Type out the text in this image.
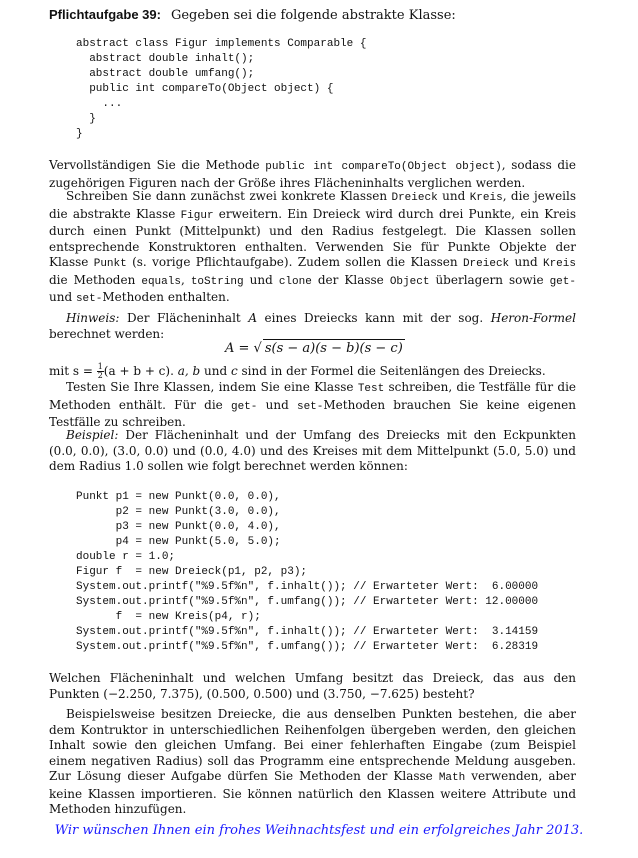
Pflichtaufgabe 39: Gegeben sei die folgende abstrakte Klasse:
abstract class Figur implements Comparable {
abstract double inhalt();
abstract double umfang();
public int compareTo(Object object) {
...
}
}

Vervollständigen Sie die Methode public int compareTo(Object object), sodass die zugehörigen Figuren nach der Größe ihres Flächeninhalts verglichen werden.

Schreiben Sie dann zunächst zwei konkrete Klassen Dreieck und Kreis, die jeweils die abstrakte Klasse Figur erweitern. Ein Dreieck wird durch drei Punkte, ein Kreis durch einen Punkt (Mittelpunkt) und den Radius festgelegt. Die Klassen sollen entsprechende Konstruktoren enthalten. Verwenden Sie für Punkte Objekte der Klasse Punkt (s. vorige Pflichtaufgabe). Zudem sollen die Klassen Dreieck und Kreis die Methoden equals, toString und clone der Klasse Object überlagern sowie get- und set-Methoden enthalten.

Hinweis: Der Flächeninhalt A eines Dreiecks kann mit der sog. Heron-Formel berechnet werden:

A = √ s(s − a)(s − b)(s − c)

mit $s = \frac{1}{2} (a + b + c)$. a, b und c sind in der Formel die Seitenlängen des Dreiecks.

Testen Sie Ihre Klassen, indem Sie eine Klasse Test schreiben, die Testfälle für die Methoden enthält. Für die get- und set-Methoden brauchen Sie keine eigenen Testfälle zu schreiben.

Beispiel: Der Flächeninhalt und der Umfang des Dreiecks mit den Eckpunkten (0.0, 0.0), (3.0, 0.0) und (0.0, 4.0) und des Kreises mit dem Mittelpunkt (5.0, 5.0) und dem Radius 1.0 sollen wie folgt berechnet werden können:

Punkt p1 = new Punkt(0.0, 0.0),
p2 = new Punkt(3.0, 0.0),
p3 = new Punkt(0.0, 4.0),
p4 = new Punkt(5.0, 5.0);
double r = 1.0;
Figur f  = new Dreieck(p1, p2, p3);
System.out.printf("%9.5f%n", f.inhalt()); // Erwarteter Wert:  6.00000
System.out.printf("%9.5f%n", f.umfang()); // Erwarteter Wert: 12.00000
f  = new Kreis(p4, r);
System.out.printf("%9.5f%n", f.inhalt()); // Erwarteter Wert:  3.14159
System.out.printf("%9.5f%n", f.umfang()); // Erwarteter Wert:  6.28319

Welchen Flächeninhalt und welchen Umfang besitzt das Dreieck, das aus den Punkten (−2.250, 7.375), (0.500, 0.500) und (3.750, −7.625) besteht?

Beispielsweise besitzen Dreiecke, die aus denselben Punkten bestehen, die aber dem Kontruktor in unterschiedlichen Reihenfolgen übergeben werden, den gleichen Inhalt sowie den gleichen Umfang. Bei einer fehlerhaften Eingabe (zum Beispiel einem negativen Radius) soll das Programm eine entsprechende Meldung ausgeben. Zur Lösung dieser Aufgabe dürfen Sie Methoden der Klasse Math verwenden, aber keine Klassen importieren. Sie können natürlich den Klassen weitere Attribute und Methoden hinzufügen.

Wir wünschen Ihnen ein frohes Weihnachtsfest und ein erfolgreiches Jahr 2013.
